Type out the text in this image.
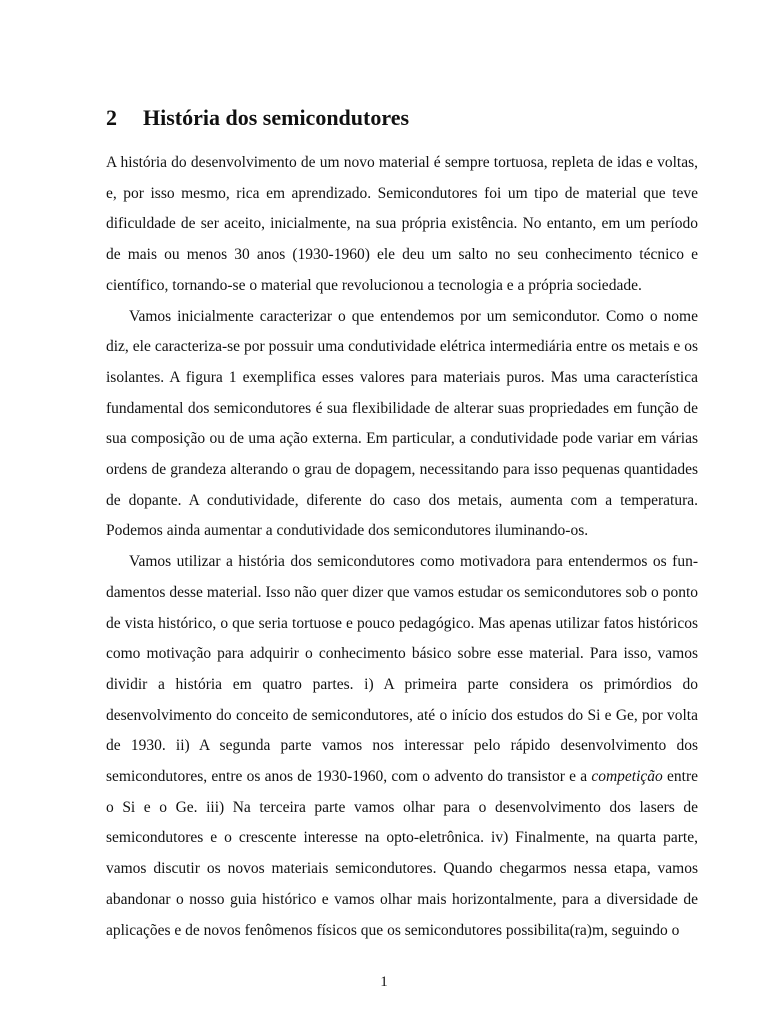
2 História dos semicondutores

A história do desenvolvimento de um novo material é sempre tortuosa, repleta de idas e voltas, e, por isso mesmo, rica em aprendizado. Semicondutores foi um tipo de material que teve dificuldade de ser aceito, inicialmente, na sua própria existência. No entanto, em um período de mais ou menos 30 anos (1930-1960) ele deu um salto no seu conhecimento técnico e científico, tornando-se o material que revolucionou a tecnologia e a própria sociedade.

Vamos inicialmente caracterizar o que entendemos por um semicondutor. Como o nome diz, ele caracteriza-se por possuir uma condutividade elétrica intermediária entre os metais e os isolantes. A figura 1 exemplifica esses valores para materiais puros. Mas uma característica fundamental dos semicondutores é sua flexibilidade de alterar suas propriedades em função de sua composição ou de uma ação externa. Em particular, a condutividade pode variar em várias ordens de grandeza alterando o grau de dopagem, necessitando para isso pequenas quantidades de dopante. A condutividade, diferente do caso dos metais, aumenta com a temperatura. Podemos ainda aumentar a condutividade dos semicondutores iluminando-os.

Vamos utilizar a história dos semicondutores como motivadora para entendermos os fundamentos desse material. Isso não quer dizer que vamos estudar os semicondutores sob o ponto de vista histórico, o que seria tortuose e pouco pedagógico. Mas apenas utilizar fatos históricos como motivação para adquirir o conhecimento básico sobre esse material. Para isso, vamos dividir a história em quatro partes. i) A primeira parte considera os primórdios do desenvolvimento do conceito de semicondutores, até o início dos estudos do Si e Ge, por volta de 1930. ii) A segunda parte vamos nos interessar pelo rápido desenvolvimento dos semicondutores, entre os anos de 1930-1960, com o advento do transistor e a competição entre o Si e o Ge. iii) Na terceira parte vamos olhar para o desenvolvimento dos lasers de semicondutores e o crescente interesse na opto-eletrônica. iv) Finalmente, na quarta parte, vamos discutir os novos materiais semicondutores. Quando chegarmos nessa etapa, vamos abandonar o nosso guia histórico e vamos olhar mais horizontalmente, para a diversidade de aplicações e de novos fenômenos físicos que os semicondutores possibilita(ra)m, seguindo o

1
